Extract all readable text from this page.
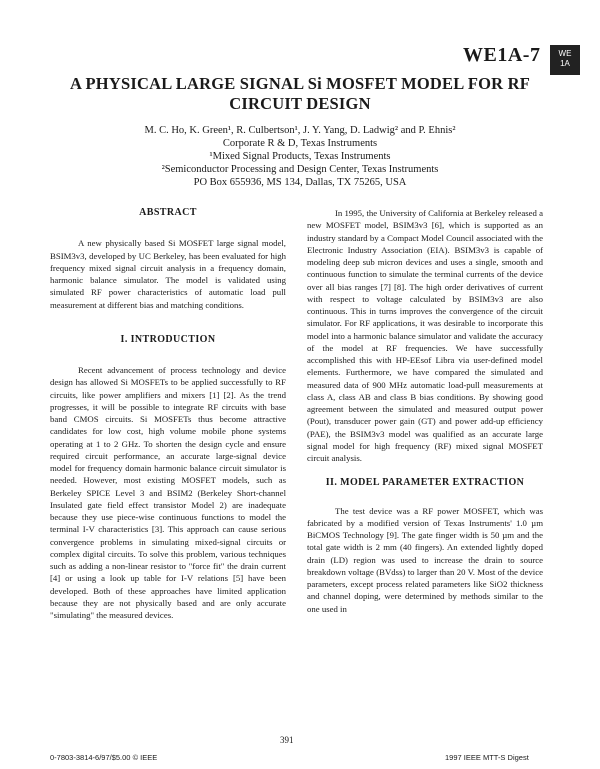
WE1A-7	WE
1A
A PHYSICAL LARGE SIGNAL Si MOSFET MODEL FOR RF
CIRCUIT DESIGN
M. C. Ho, K. Green¹, R. Culbertson¹, J. Y. Yang, D. Ladwig² and P. Ehnis²
Corporate R & D, Texas Instruments
¹Mixed Signal Products, Texas Instruments
²Semiconductor Processing and Design Center, Texas Instruments
PO Box 655936, MS 134, Dallas, TX 75265, USA
ABSTRACT

A new physically based Si MOSFET large signal model, BSIM3v3, developed by UC Berkeley, has been evaluated for high frequency mixed signal circuit analysis in a frequency domain, harmonic balance simulator. The model is validated using simulated RF power characteristics of automatic load pull measurement at different bias and matching conditions.

I. INTRODUCTION

Recent advancement of process technology and device design has allowed Si MOSFETs to be applied successfully to RF circuits, like power amplifiers and mixers [1] [2]. As the trend progresses, it will be possible to integrate RF circuits with base band CMOS circuits. Si MOSFETs thus become attractive candidates for low cost, high volume mobile phone systems operating at 1 to 2 GHz. To shorten the design cycle and ensure required circuit performance, an accurate large-signal device model for frequency domain harmonic balance circuit simulator is needed. However, most existing MOSFET models, such as Berkeley SPICE Level 3 and BSIM2 (Berkeley Short-channel Insulated gate field effect transistor Model 2) are inadequate because they use piece-wise continuous functions to model the terminal I-V characteristics [3]. This approach can cause serious convergence problems in simulating mixed-signal circuits or complex digital circuits. To solve this problem, various techniques such as adding a non-linear resistor to "force fit" the drain current [4] or using a look up table for I-V relations [5] have been developed. Both of these approaches have limited application because they are not physically based and are only accurate "simulating" the measured devices.

In 1995, the University of California at Berkeley released a new MOSFET model, BSIM3v3 [6], which is supported as an industry standard by a Compact Model Council associated with the Electronic Industry Association (EIA). BSIM3v3 is capable of modeling deep sub micron devices and uses a single, smooth and continuous function to simulate the terminal currents of the device over all bias ranges [7] [8]. The high order derivatives of current with respect to voltage calculated by BSIM3v3 are also continuous. This in turns improves the convergence of the circuit simulator. For RF applications, it was desirable to incorporate this model into a harmonic balance simulator and validate the accuracy of the model at RF frequencies. We have successfully accomplished this with HP-EEsof Libra via user-defined model elements. Furthermore, we have compared the simulated and measured data of 900 MHz automatic load-pull measurements at class A, class AB and class B bias conditions. By showing good agreement between the simulated and measured output power (Pout), transducer power gain (GT) and power add-up efficiency (PAE), the BSIM3v3 model was qualified as an accurate large signal model for high frequency (RF) mixed signal MOSFET circuit analysis.

II. MODEL PARAMETER EXTRACTION

The test device was a RF power MOSFET, which was fabricated by a modified version of Texas Instruments' 1.0 µm BiCMOS Technology [9]. The gate finger width is 50 µm and the total gate width is 2 mm (40 fingers). An extended lightly doped drain (LD) region was used to increase the drain to source breakdown voltage (BVdss) to larger than 20 V. Most of the device parameters, except process related parameters like SiO2 thickness and channel doping, were determined by methods similar to the one used in

391
0-7803-3814-6/97/$5.00 © IEEE	1997 IEEE MTT-S Digest
